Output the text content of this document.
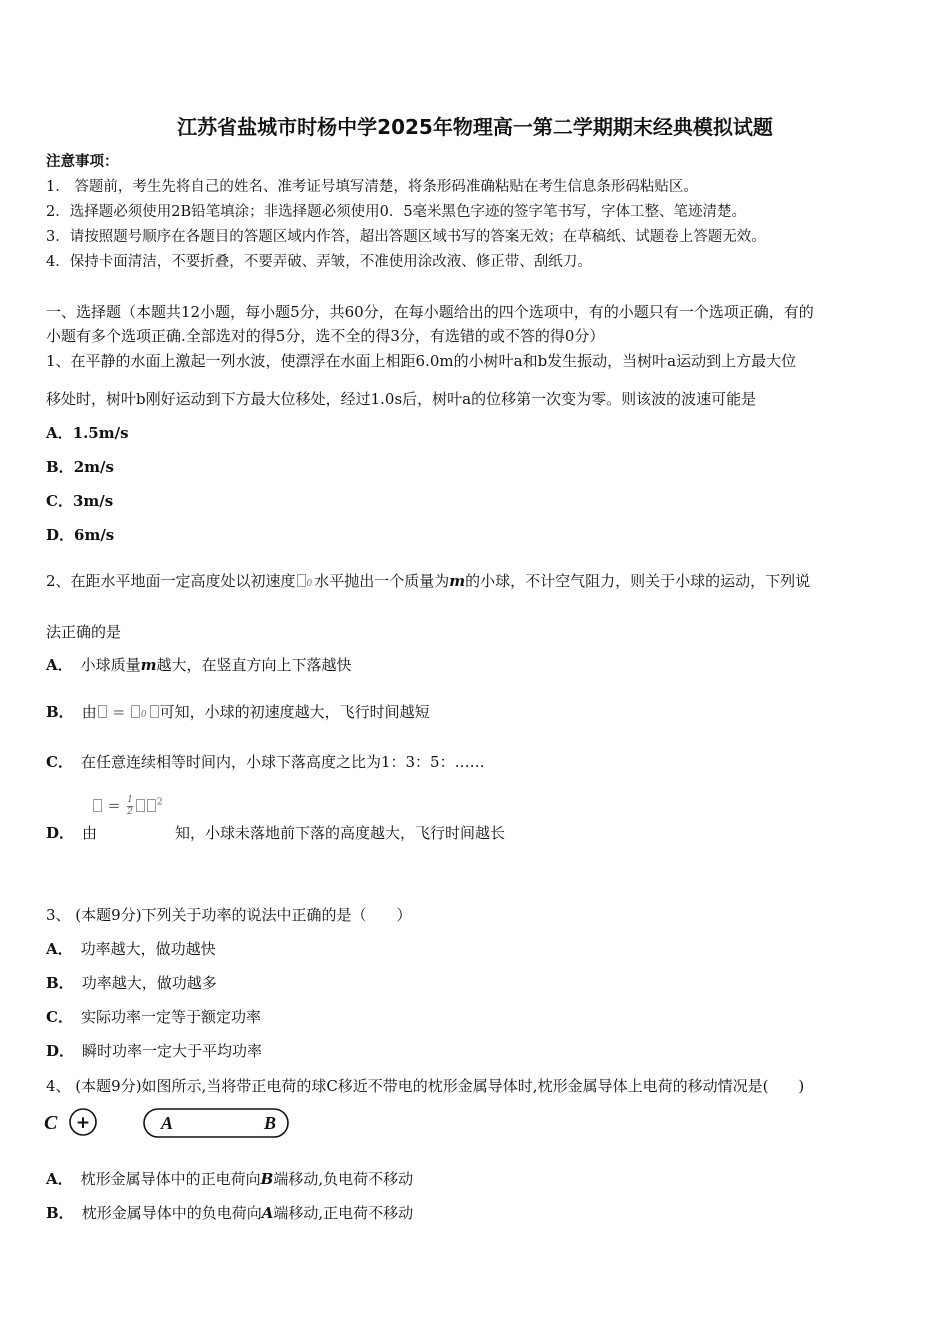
江苏省盐城市时杨中学2025年物理高一第二学期期末经典模拟试题
注意事项：
1． 答题前，考生先将自己的姓名、准考证号填写清楚，将条形码准确粘贴在考生信息条形码粘贴区。
2．选择题必须使用2B铅笔填涂；非选择题必须使用0．5毫米黑色字迹的签字笔书写，字体工整、笔迹清楚。
3．请按照题号顺序在各题目的答题区域内作答，超出答题区域书写的答案无效；在草稿纸、试题卷上答题无效。
4．保持卡面清洁，不要折叠，不要弄破、弄皱，不准使用涂改液、修正带、刮纸刀。
一、选择题（本题共12小题，每小题5分，共60分，在每小题给出的四个选项中，有的小题只有一个选项正确，有的
小题有多个选项正确.全部选对的得5分，选不全的得3分，有选错的或不答的得0分）
1、在平静的水面上激起一列水波，使漂浮在水面上相距6.0m的小树叶a和b发生振动，当树叶a运动到上方最大位
移处时，树叶b刚好运动到下方最大位移处，经过1.0s后，树叶a的位移第一次变为零。则该波的波速可能是
A．1.5m/s
B．2m/s
C．3m/s
D．6m/s
2、在距水平地面一定高度处以初速度 0 水平抛出一个质量为m的小球，不计空气阻力，则关于小球的运动，下列说
法正确的是
A． 小球质量m越大，在竖直方向上下落越快
B． 由 = 0 可知，小球的初速度越大，飞行时间越短
C． 在任意连续相等时间内，小球下落高度之比为1：3：5：……
= $\frac{1}{2}$	$^2$
D． 由	知，小球未落地前下落的高度越大，飞行时间越长
3、 (本题9分)下列关于功率的说法中正确的是（　　）
A． 功率越大，做功越快
B． 功率越大，做功越多
C． 实际功率一定等于额定功率
D． 瞬时功率一定大于平均功率
4、 (本题9分)如图所示,当将带正电荷的球C移近不带电的枕形金属导体时,枕形金属导体上电荷的移动情况是(　　)
C +	A	B
A． 枕形金属导体中的正电荷向B端移动,负电荷不移动
B． 枕形金属导体中的负电荷向A端移动,正电荷不移动
